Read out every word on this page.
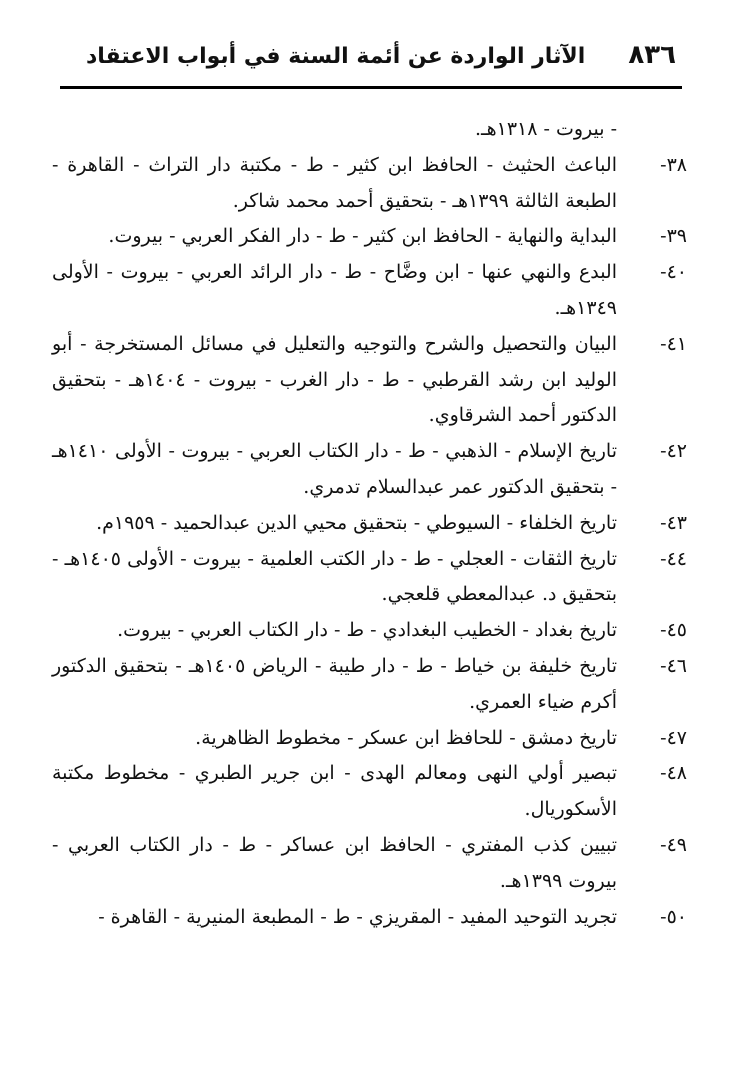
٨٣٦
الآثار الواردة عن أئمة السنة في أبواب الاعتقاد
- بيروت - ١٣١٨هـ.
٣٨-
الباعث الحثيث - الحافظ ابن كثير - ط - مكتبة دار التراث - القاهرة - الطبعة الثالثة ١٣٩٩هـ - بتحقيق أحمد محمد شاكر.
٣٩-
البداية والنهاية - الحافظ ابن كثير - ط - دار الفكر العربي - بيروت.
٤٠-
البدع والنهي عنها - ابن وضَّاح - ط - دار الرائد العربي - بيروت - الأولى ١٣٤٩هـ.
٤١-
البيان والتحصيل والشرح والتوجيه والتعليل في مسائل المستخرجة - أبو الوليد ابن رشد القرطبي - ط - دار الغرب - بيروت - ١٤٠٤هـ - بتحقيق الدكتور أحمد الشرقاوي.
٤٢-
تاريخ الإسلام - الذهبي - ط - دار الكتاب العربي - بيروت - الأولى ١٤١٠هـ - بتحقيق الدكتور عمر عبدالسلام تدمري.
٤٣-
تاريخ الخلفاء - السيوطي - بتحقيق محيي الدين عبدالحميد - ١٩٥٩م.
٤٤-
تاريخ الثقات - العجلي - ط - دار الكتب العلمية - بيروت - الأولى ١٤٠٥هـ - بتحقيق د. عبدالمعطي قلعجي.
٤٥-
تاريخ بغداد - الخطيب البغدادي - ط - دار الكتاب العربي - بيروت.
٤٦-
تاريخ خليفة بن خياط - ط - دار طيبة - الرياض ١٤٠٥هـ - بتحقيق الدكتور أكرم ضياء العمري.
٤٧-
تاريخ دمشق - للحافظ ابن عسكر - مخطوط الظاهرية.
٤٨-
تبصير أولي النهى ومعالم الهدى - ابن جرير الطبري - مخطوط مكتبة الأسكوريال.
٤٩-
تبيين كذب المفتري - الحافظ ابن عساكر - ط - دار الكتاب العربي - بيروت ١٣٩٩هـ.
٥٠-
تجريد التوحيد المفيد - المقريزي - ط - المطبعة المنيرية - القاهرة -
